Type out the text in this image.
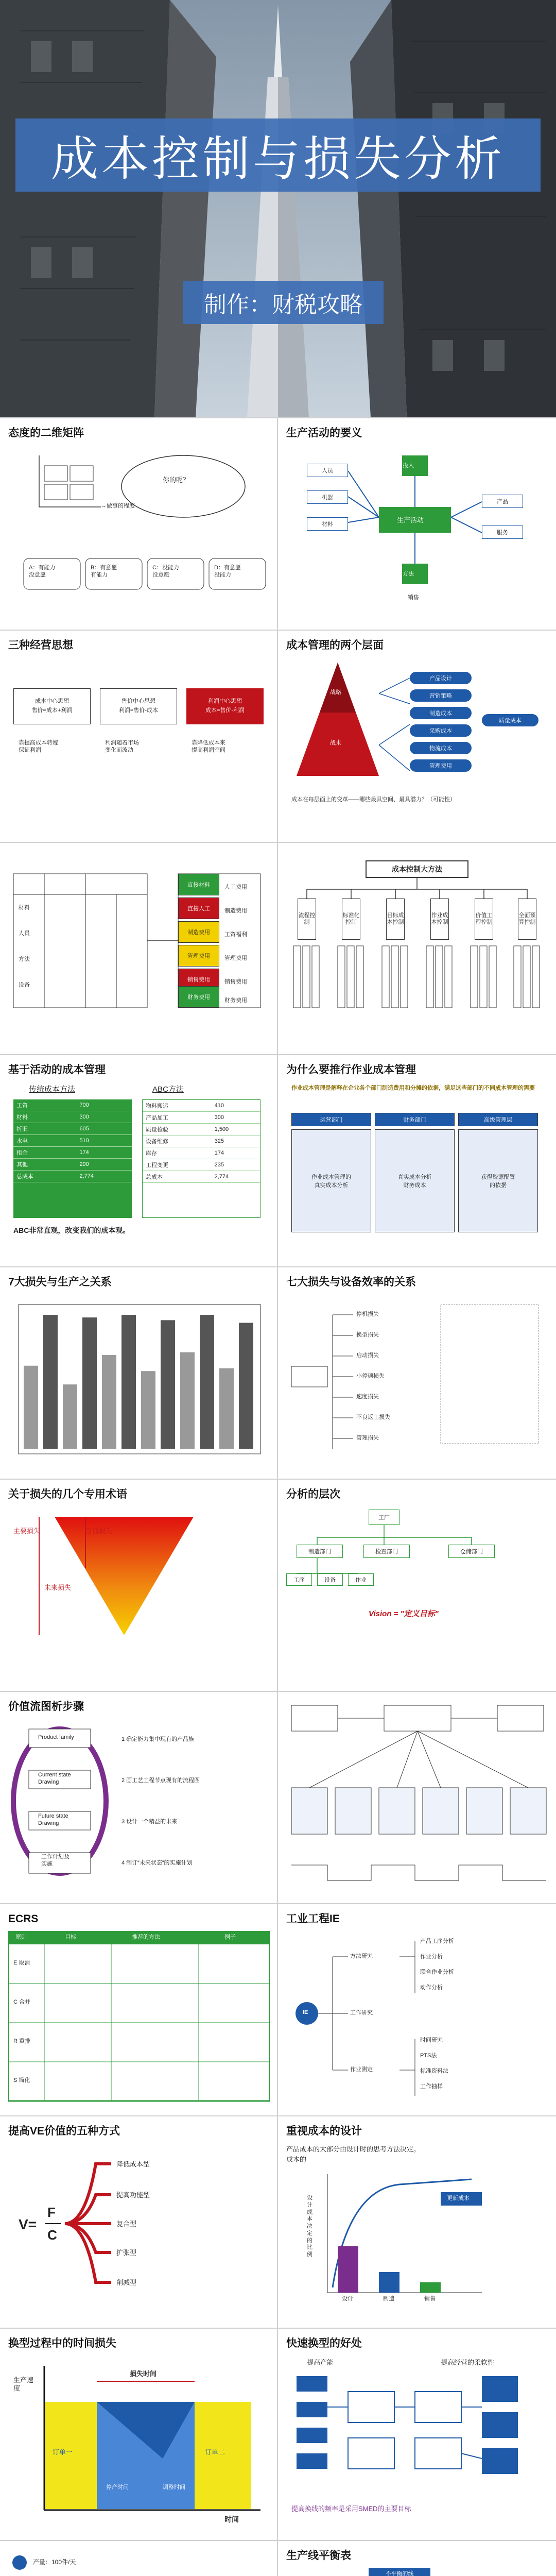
成本控制与损失分析
制作：财税攻略
态度的二维矩阵
你的呢？
→做事的程度
A：有能力
没意愿
B：有意愿
有能力
C：没能力
没意愿
D：有意愿
没能力
生产活动的要义
人员
机器
材料
投入
方法
生产活动
产品
服务
销售
三种经营思想
成本中心思想
售价=成本+利润
售价中心思想
利润=售价-成本
利润中心思想
成本=售价-利润
靠提高成本转嫁
保证利润
利润随着市场
变化而波动
靠降低成本来
提高利润空间
成本管理的两个层面
战略
战术
产品设计
营销策略
制造成本
采购成本
物流成本
管理费用
质量成本
成本在每层面上的变革——哪些最具空间、最具潜力？（可能性）
材料
人员
方法
设备
直接材料
直接人工
制造费用
管理费用
销售费用
财务费用
人工费用
制造费用
工资福利
管理费用
销售费用
财务费用
成本控制大方法
流程控制
标准化控制
目标成本控制
作业成本控制
价值工程控制
全面预算控制
基于活动的成本管理
传统成本方法	ABC方法
工资	700
材料	300
折旧	605
水电	510
租金	174
其他	290
总成本	2,774
物料搬运	410
产品加工	300
质量检验	1,500
设备维修	325
库存	174
工程变更	235
总成本	2,774
ABC非常直观，改变我们的成本观。
为什么要推行作业成本管理
作业成本管理是解释在企业各个部门制造费用和分摊的依据，满足这些部门的不同成本管理的需要
运营部门	财务部门	高级管理层
作业成本管理的
真实成本分析
真实成本分析
财务成本
获得资源配置
的依据
7大损失与生产之关系	七大损失与设备效率的关系
停机损失
换型损失
启动损失
小停顿损失
速度损失
不良返工损失
管理损失
关于损失的几个专用术语
主要损失	当前损失
未来损失
分析的层次
工厂
制造部门	检查部门	仓储部门
工序	设备	作业
Vision = "定义目标"
价值流图析步骤
Product family
Current state
Drawing
Future state
Drawing
工作计划及
实施
1 确定能力集中现有的产品族
2 画工艺工程节点现有的流程图
3 设计一个精益的未来
4 制订“未来状态”的实施计划
ECRS
原则	目标	推荐的方法	例子
E 取消
C 合并
R 重排
S 简化
工业工程IE
IE
方法研究
工作研究
作业测定
产品工序分析
作业分析
联合作业分析
动作分析
时间研究
PTS法
标准资料法
工作抽样
提高VE价值的五种方式
V=
F
C
降低成本型
提高功能型
复合型
扩张型
削减型
重视成本的设计
产品成本的大部分由设计时的思考方法决定。
成本的
设计成本决定的比例
更新成本
设计	制造	销售
换型过程中的时间损失
生产速度
时间
损失时间
订单一	订单二
停产时间	调整时间
快速换型的好处
提高产能	提高经营的柔软性
提高换线的频率是采用SMED的主要目标
产量：100件/天

生产线平衡表
不平衡的线
